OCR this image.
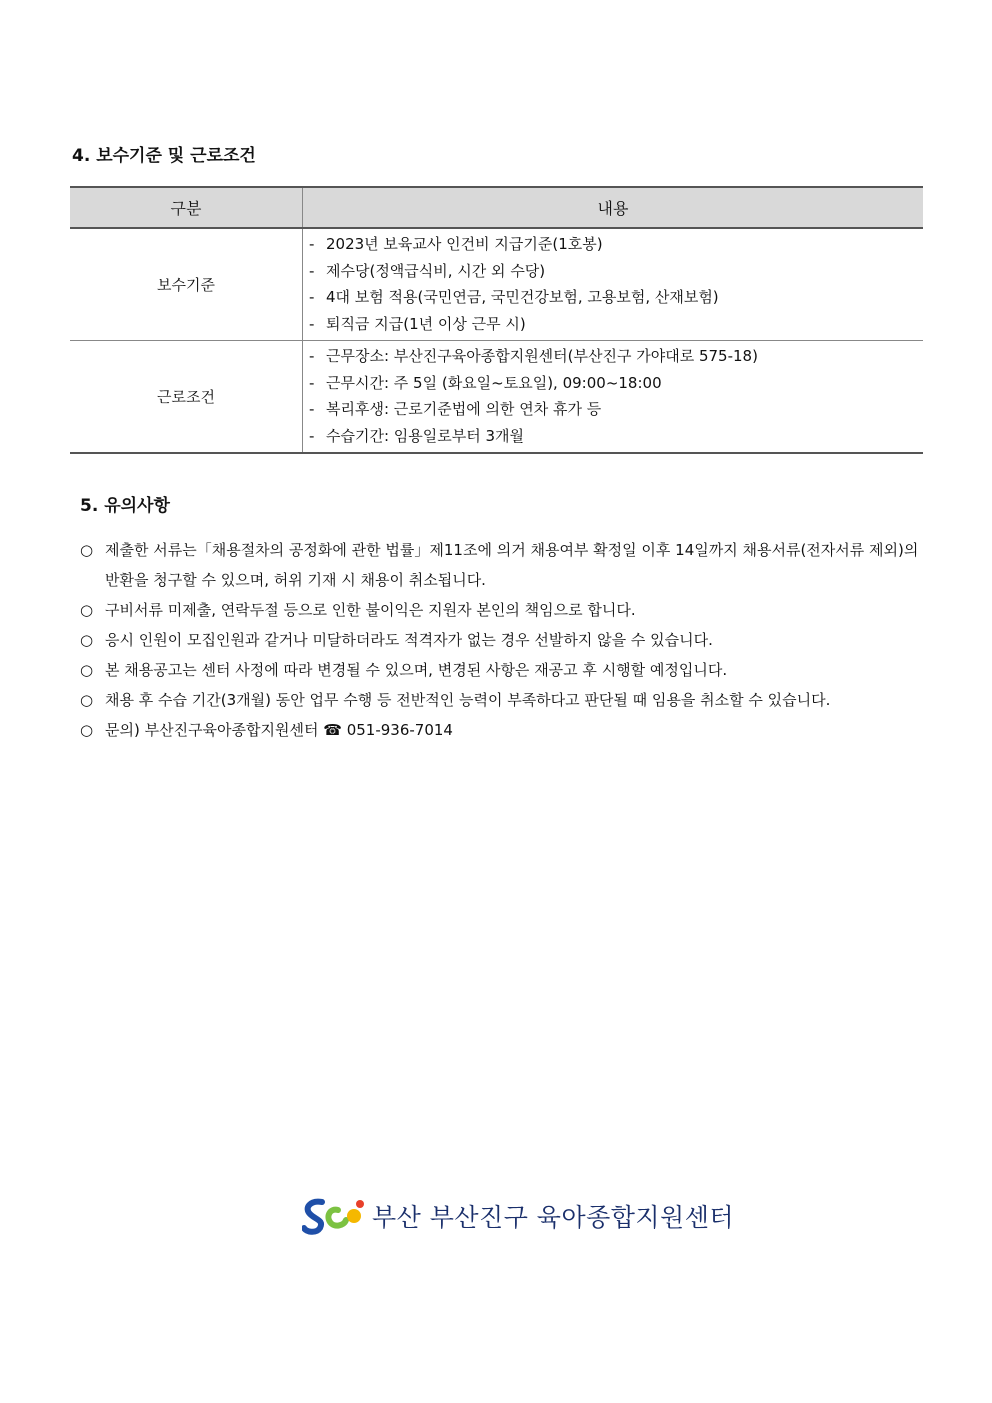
4. 보수기준 및 근로조건
구분	내용
보수기준	- 2023년 보육교사 인건비 지급기준(1호봉)
- 제수당(정액급식비, 시간 외 수당)
- 4대 보험 적용(국민연금, 국민건강보험, 고용보험, 산재보험)
- 퇴직금 지급(1년 이상 근무 시)

근로조건	- 근무장소: 부산진구육아종합지원센터(부산진구 가야대로 575-18)
- 근무시간: 주 5일 (화요일~토요일), 09:00~18:00
- 복리후생: 근로기준법에 의한 연차 휴가 등
- 수습기간: 임용일로부터 3개월
5. 유의사항
○ 제출한 서류는「채용절차의 공정화에 관한 법률」제11조에 의거 채용여부 확정일 이후 14일까지 채용서류(전자서류 제외)의 반환을 청구할 수 있으며, 허위 기재 시 채용이 취소됩니다.
○ 구비서류 미제출, 연락두절 등으로 인한 불이익은 지원자 본인의 책임으로 합니다.
○ 응시 인원이 모집인원과 같거나 미달하더라도 적격자가 없는 경우 선발하지 않을 수 있습니다.
○ 본 채용공고는 센터 사정에 따라 변경될 수 있으며, 변경된 사항은 재공고 후 시행할 예정입니다.
○ 채용 후 수습 기간(3개월) 동안 업무 수행 등 전반적인 능력이 부족하다고 판단될 때 임용을 취소할 수 있습니다.
○ 문의) 부산진구육아종합지원센터 ☎ 051-936-7014
부산 부산진구 육아종합지원센터
